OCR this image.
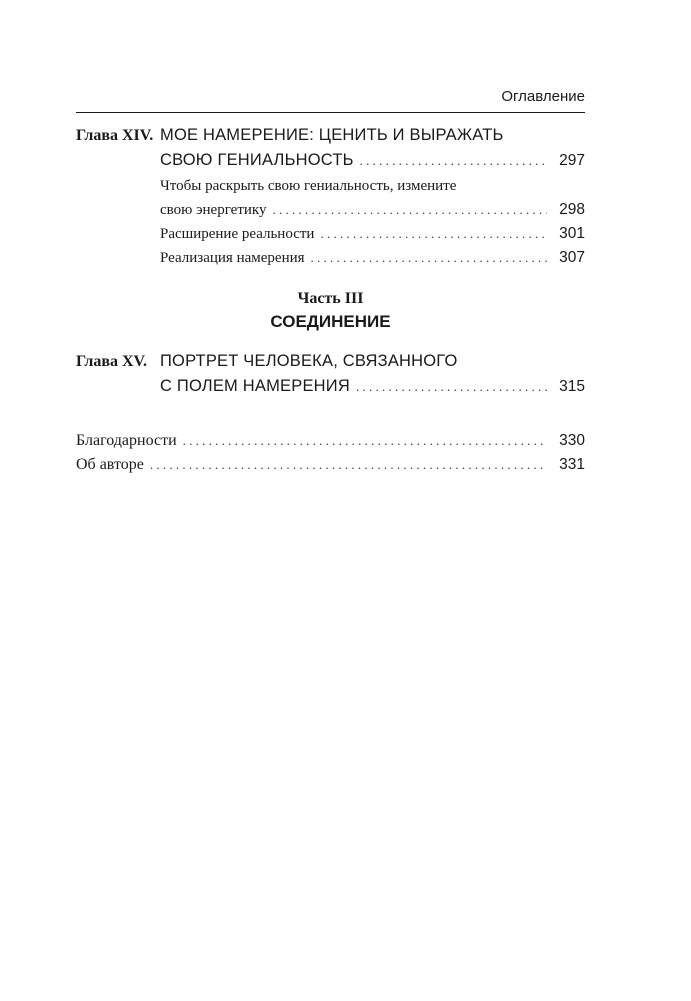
Оглавление
Глава XIV. МОЕ НАМЕРЕНИЕ: ЦЕНИТЬ И ВЫРАЖАТЬ
СВОЮ ГЕНИАЛЬНОСТЬ . . .	297
Чтобы раскрыть свою гениальность, измените
свою энергетику . . .	298
Расширение реальности . . .	301
Реализация намерения . . .	307
Часть III
СОЕДИНЕНИЕ
Глава XV. ПОРТРЕТ ЧЕЛОВЕКА, СВЯЗАННОГО
С ПОЛЕМ НАМЕРЕНИЯ . . .	315
Благодарности . . .	330
Об авторе . . .	331
